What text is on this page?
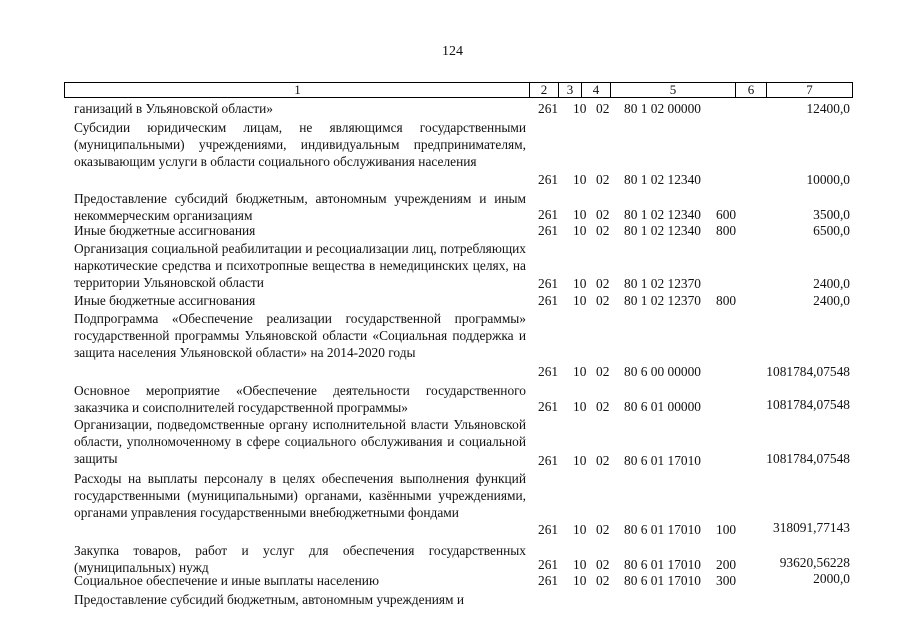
124
1	2	3	4	5	6	7
ганизаций в Ульяновской области»	261 10 02 80 1 02 00000	12400,0
Субсидии юридическим лицам, не являющимся государственными (муниципальными) учреждениями, индивидуальным предпринимателям, оказывающим услуги в области социального обслуживания населения
261 10 02 80 1 02 12340	10000,0
Предоставление субсидий бюджетным, автономным учреждениям и иным некоммерческим организациям	261 10 02 80 1 02 12340 600	3500,0
Иные бюджетные ассигнования	261 10 02 80 1 02 12340 800	6500,0
Организация социальной реабилитации и ресоциализации лиц, потребляющих наркотические средства и психотропные вещества в немедицинских целях, на территории Ульяновской области	261 10 02 80 1 02 12370	2400,0
Иные бюджетные ассигнования	261 10 02 80 1 02 12370 800	2400,0
Подпрограмма «Обеспечение реализации государственной программы» государственной программы Ульяновской области «Социальная поддержка и защита населения Ульяновской области» на 2014-2020 годы
261 10 02 80 6 00 00000	1081784,07548
Основное мероприятие «Обеспечение деятельности государственного заказчика и соисполнителей государственной программы»	261 10 02 80 6 01 00000	1081784,07548
Организации, подведомственные органу исполнительной власти Ульяновской области, уполномоченному в сфере социального обслуживания и социальной защиты	261 10 02 80 6 01 17010	1081784,07548
Расходы на выплаты персоналу в целях обеспечения выполнения функций государственными (муниципальными) органами, казёнными учреждениями, органами управления государственными внебюджетными фондами
261 10 02 80 6 01 17010 100	318091,77143
Закупка товаров, работ и услуг для обеспечения государственных (муниципальных) нужд	261 10 02 80 6 01 17010 200	93620,56228
Социальное обеспечение и иные выплаты населению	261 10 02 80 6 01 17010 300	2000,0
Предоставление субсидий бюджетным, автономным учреждениям и
